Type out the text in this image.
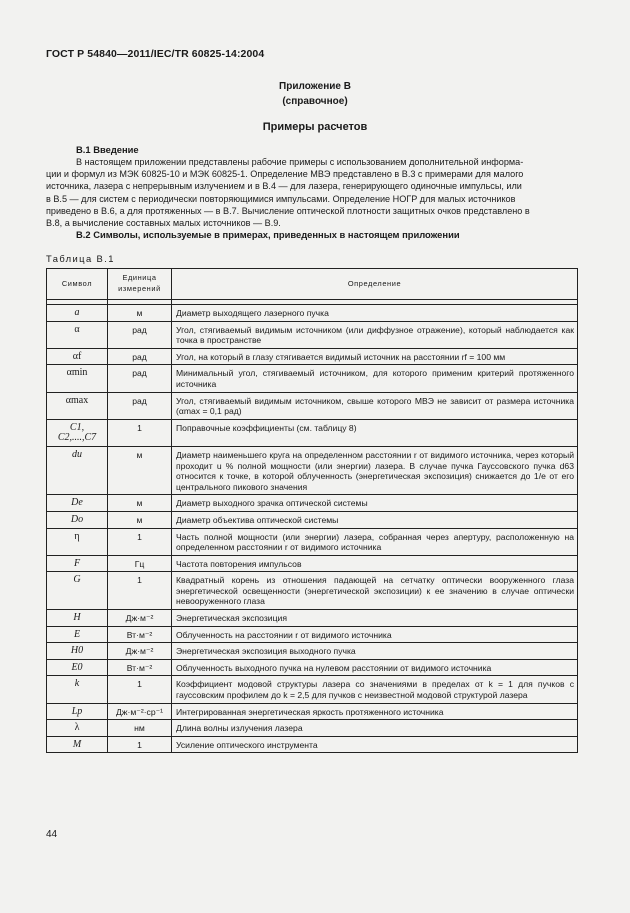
ГОСТ Р 54840—2011/IEC/TR 60825-14:2004
Приложение В
(справочное)
Примеры расчетов
В.1 Введение

В настоящем приложении представлены рабочие примеры с использованием дополнительной информа-

ции и формул из МЭК 60825-10 и МЭК 60825-1. Определение МВЭ представлено в В.3 с примерами для малого

источника, лазера с непрерывным излучением и в В.4 — для лазера, генерирующего одиночные импульсы, или

в В.5 — для систем с периодически повторяющимися импульсами. Определение НОГР для малых источников

приведено в В.6, а для протяженных — в В.7. Вычисление оптической плотности защитных очков представлено в

В.8, а вычисление составных малых источников — В.9.

В.2 Символы, используемые в примерах, приведенных в настоящем приложении
Таблица В.1
Символ	Единица измерений	Определение

a	м	Диаметр выходящего лазерного пучка
α	рад	Угол, стягиваемый видимым источником (или диффузное отражение), который наблюдается как точка в пространстве
αf	рад	Угол, на который в глазу стягивается видимый источник на расстоянии rf = 100 мм
αmin	рад	Минимальный угол, стягиваемый источником, для которого применим критерий протяженного источника
αmax	рад	Угол, стягиваемый видимым источником, свыше которого МВЭ не зависит от размера источника (αmax = 0,1 рад)
C1, C2,....,C7	1	Поправочные коэффициенты (см. таблицу 8)
du	м	Диаметр наименьшего круга на определенном расстоянии r от видимого источника, через который проходит u % полной мощности (или энергии) лазера. В случае пучка Гауссовского пучка d63 относится к точке, в которой облученность (энергетическая экспозиция) снижается до 1/e от его центрального пикового значения
De	м	Диаметр выходного зрачка оптической системы
Do	м	Диаметр объектива оптической системы
η	1	Часть полной мощности (или энергии) лазера, собранная через апертуру, расположенную на определенном расстоянии r от видимого источника
F	Гц	Частота повторения импульсов
G	1	Квадратный корень из отношения падающей на сетчатку оптически вооруженного глаза энергетической освещенности (энергетической экспозиции) к ее значению в случае оптически невооруженного глаза
H	Дж·м⁻²	Энергетическая экспозиция
E	Вт·м⁻²	Облученность на расстоянии r от видимого источника
H0	Дж·м⁻²	Энергетическая экспозиция выходного пучка
E0	Вт·м⁻²	Облученность выходного пучка на нулевом расстоянии от видимого источника
k	1	Коэффициент модовой структуры лазера со значениями в пределах от k = 1 для пучков с гауссовским профилем до k = 2,5 для пучков с неизвестной модовой структурой лазера
Lp	Дж·м⁻²·ср⁻¹	Интегрированная энергетическая яркость протяженного источника
λ	нм	Длина волны излучения лазера
M	1	Усиление оптического инструмента
44
